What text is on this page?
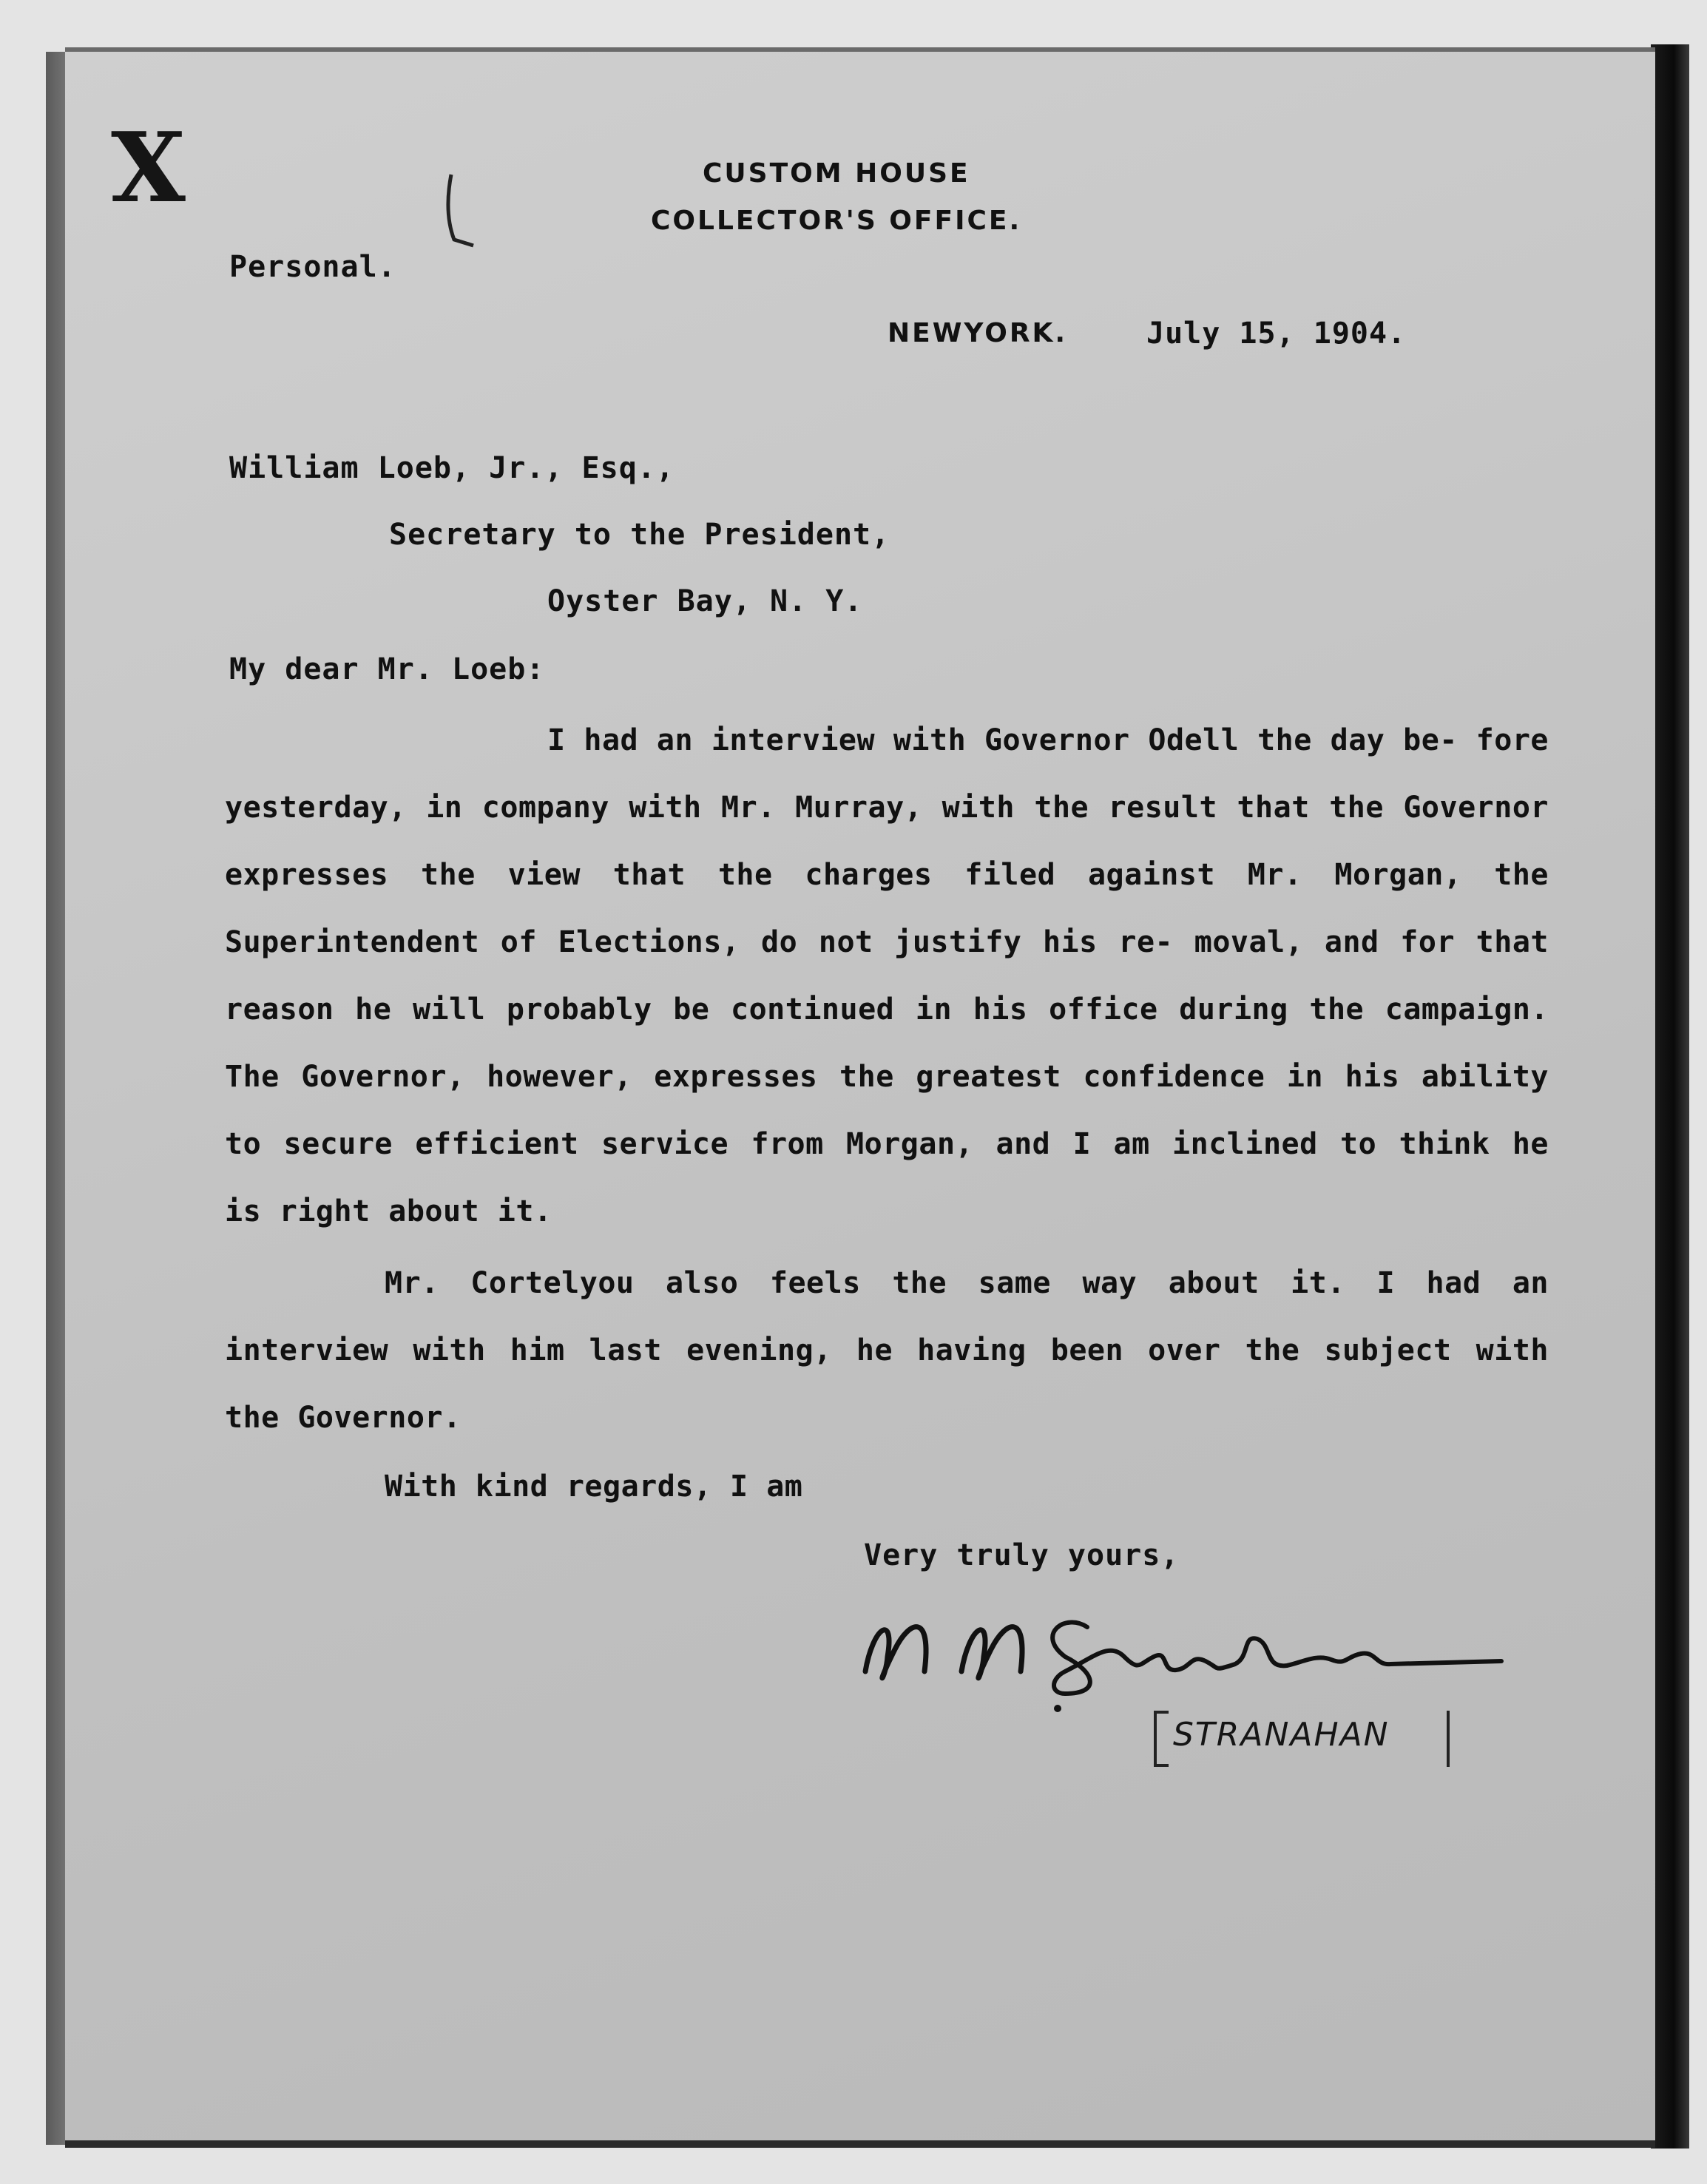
X	CUSTOM HOUSE
COLLECTOR'S OFFICE.
Personal.
NEWYORK.	July 15, 1904.
William Loeb, Jr., Esq.,
Secretary to the President,
Oyster Bay, N. Y.
My dear Mr. Loeb:
I had an interview with Governor Odell the day be- fore yesterday, in company with Mr. Murray, with the result that the Governor expresses the view that the charges filed against Mr. Morgan, the Superintendent of Elections, do not justify his re- moval, and for that reason he will probably be continued in his office during the campaign. The Governor, however, expresses the greatest confidence in his ability to secure efficient service from Morgan, and I am inclined to think he is right about it.
Mr. Cortelyou also feels the same way about it. I had an interview with him last evening, he having been over the subject with the Governor.
With kind regards, I am
Very truly yours,
STRANAHAN
